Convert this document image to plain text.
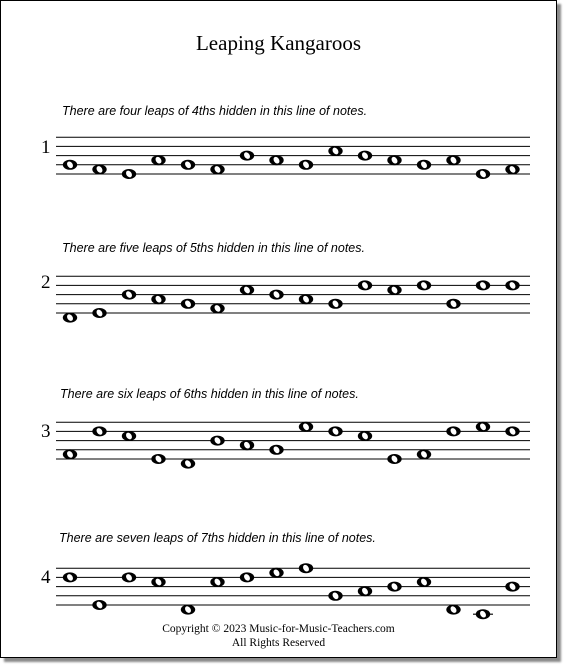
Leaping Kangaroos
There are four leaps of 4ths hidden in this line of notes.
1
There are five leaps of 5ths hidden in this line of notes.
2
There are six leaps of 6ths hidden in this line of notes.
3
There are seven leaps of 7ths hidden in this line of notes.
4
Copyright © 2023 Music-for-Music-Teachers.com
All Rights Reserved
